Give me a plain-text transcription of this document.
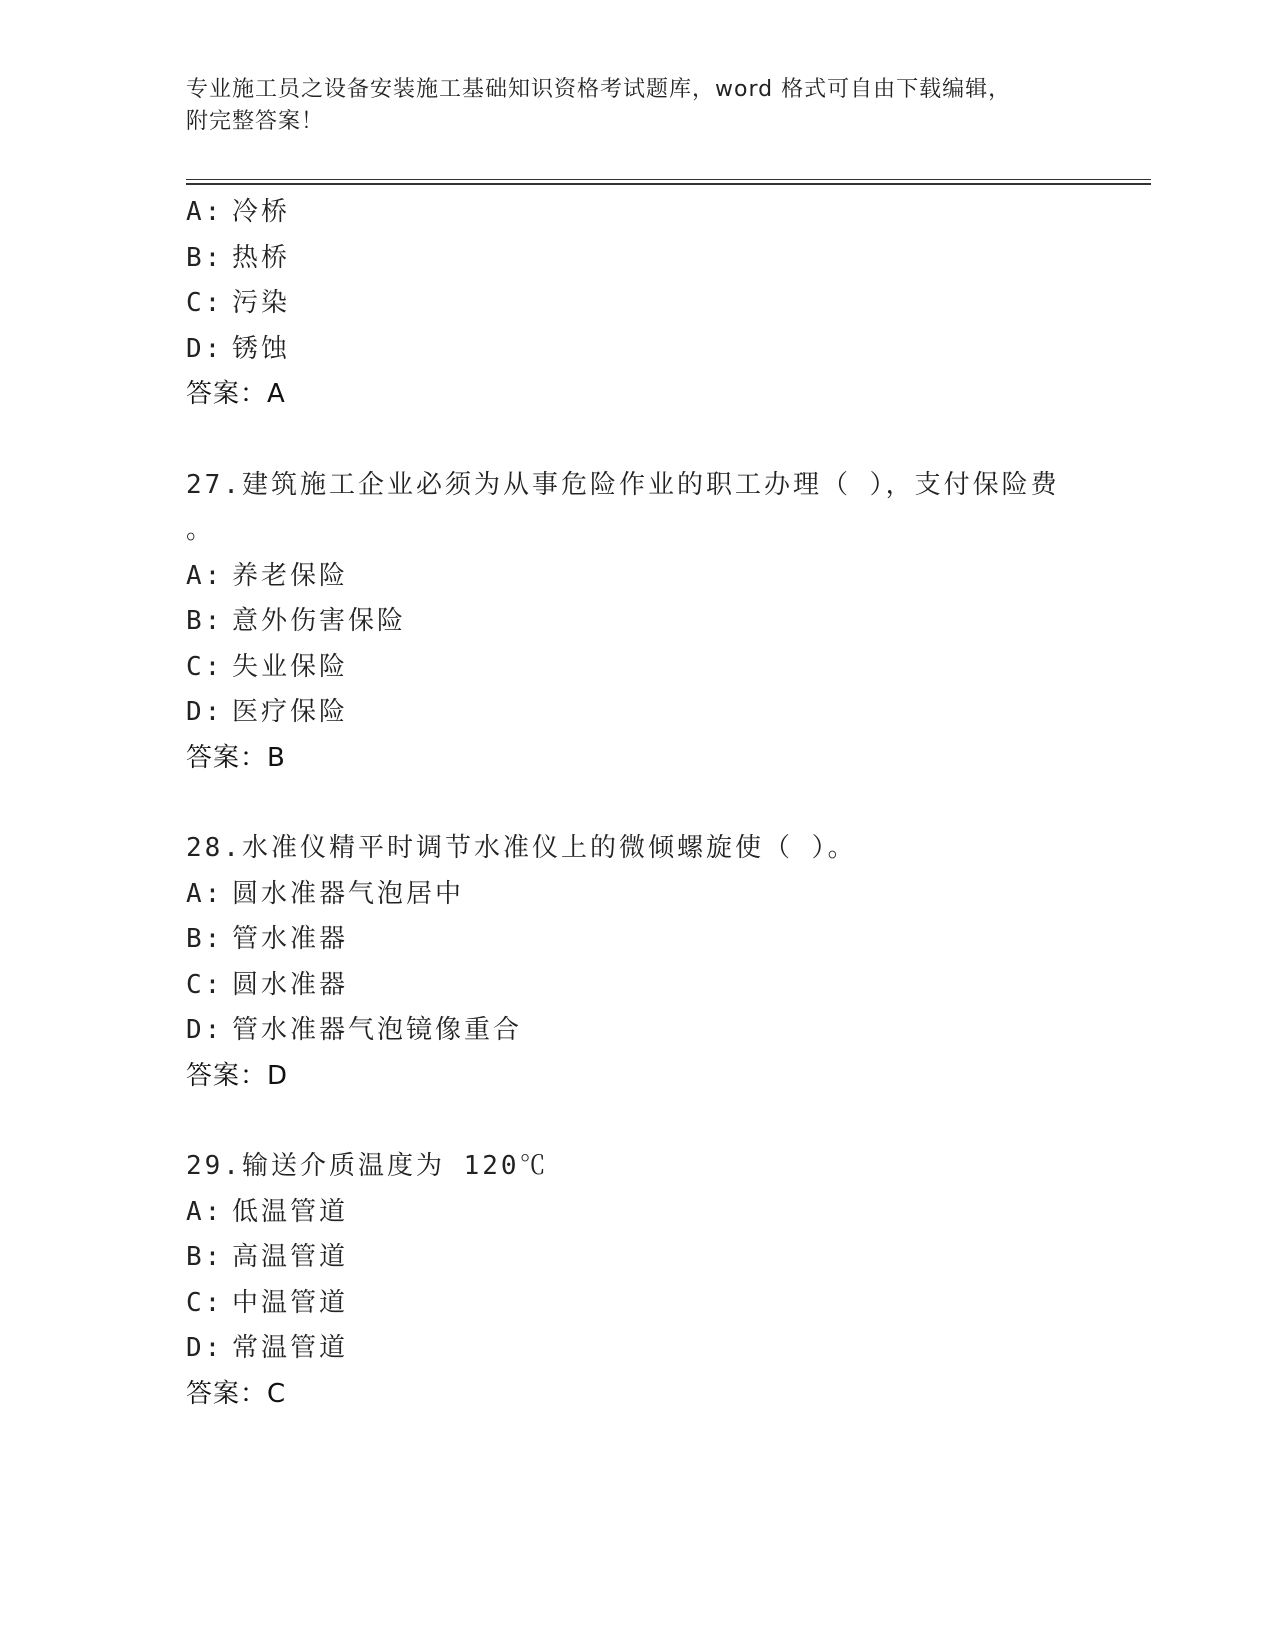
专业施工员之设备安装施工基础知识资格考试题库，word 格式可自由下载编辑，
附完整答案！
A: 冷桥
B: 热桥
C: 污染
D: 锈蚀
答案：A
27.建筑施工企业必须为从事危险作业的职工办理（ ），支付保险费
。
A: 养老保险
B: 意外伤害保险
C: 失业保险
D: 医疗保险
答案：B
28.水准仪精平时调节水准仪上的微倾螺旋使（ ）。
A: 圆水准器气泡居中
B: 管水准器
C: 圆水准器
D: 管水准器气泡镜像重合
答案：D
29.输送介质温度为 120℃
A: 低温管道
B: 高温管道
C: 中温管道
D: 常温管道
答案：C
